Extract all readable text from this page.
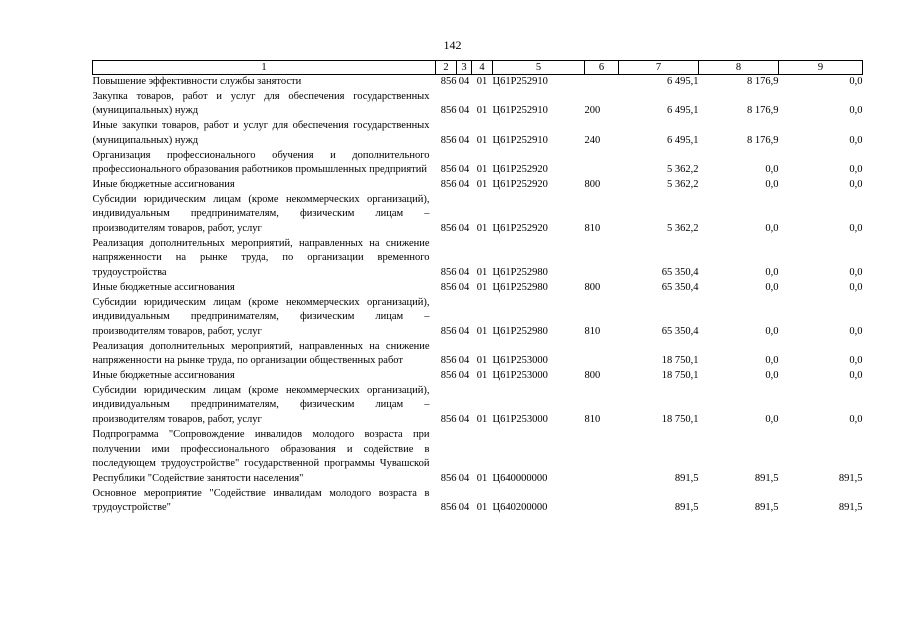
142
1	2	3	4	5	6	7	8	9
Повышение эффективности службы занятости	856	04	01	Ц61Р252910		6 495,1	8 176,9	0,0
Закупка товаров, работ и услуг для обеспечения государственных (муниципальных) нужд	856	04	01	Ц61Р252910	200	6 495,1	8 176,9	0,0
Иные закупки товаров, работ и услуг для обеспечения государственных (муниципальных) нужд	856	04	01	Ц61Р252910	240	6 495,1	8 176,9	0,0
Организация профессионального обучения и дополнительного профессионального образования работников промышленных предприятий	856	04	01	Ц61Р252920		5 362,2	0,0	0,0
Иные бюджетные ассигнования	856	04	01	Ц61Р252920	800	5 362,2	0,0	0,0
Субсидии юридическим лицам (кроме некоммерческих организаций), индивидуальным предпринимателям, физическим лицам – производителям товаров, работ, услуг	856	04	01	Ц61Р252920	810	5 362,2	0,0	0,0
Реализация дополнительных мероприятий, направленных на снижение напряженности на рынке труда, по организации временного трудоустройства	856	04	01	Ц61Р252980		65 350,4	0,0	0,0
Иные бюджетные ассигнования	856	04	01	Ц61Р252980	800	65 350,4	0,0	0,0
Субсидии юридическим лицам (кроме некоммерческих организаций), индивидуальным предпринимателям, физическим лицам – производителям товаров, работ, услуг	856	04	01	Ц61Р252980	810	65 350,4	0,0	0,0
Реализация дополнительных мероприятий, направленных на снижение напряженности на рынке труда, по организации общественных работ	856	04	01	Ц61Р253000		18 750,1	0,0	0,0
Иные бюджетные ассигнования	856	04	01	Ц61Р253000	800	18 750,1	0,0	0,0
Субсидии юридическим лицам (кроме некоммерческих организаций), индивидуальным предпринимателям, физическим лицам – производителям товаров, работ, услуг	856	04	01	Ц61Р253000	810	18 750,1	0,0	0,0
Подпрограмма "Сопровождение инвалидов молодого возраста при получении ими профессионального образования и содействие в последующем трудоустройстве" государственной программы Чувашской Республики "Содействие занятости населения"	856	04	01	Ц640000000		891,5	891,5	891,5
Основное мероприятие "Содействие инвалидам молодого возраста в трудоустройстве"	856	04	01	Ц640200000		891,5	891,5	891,5
